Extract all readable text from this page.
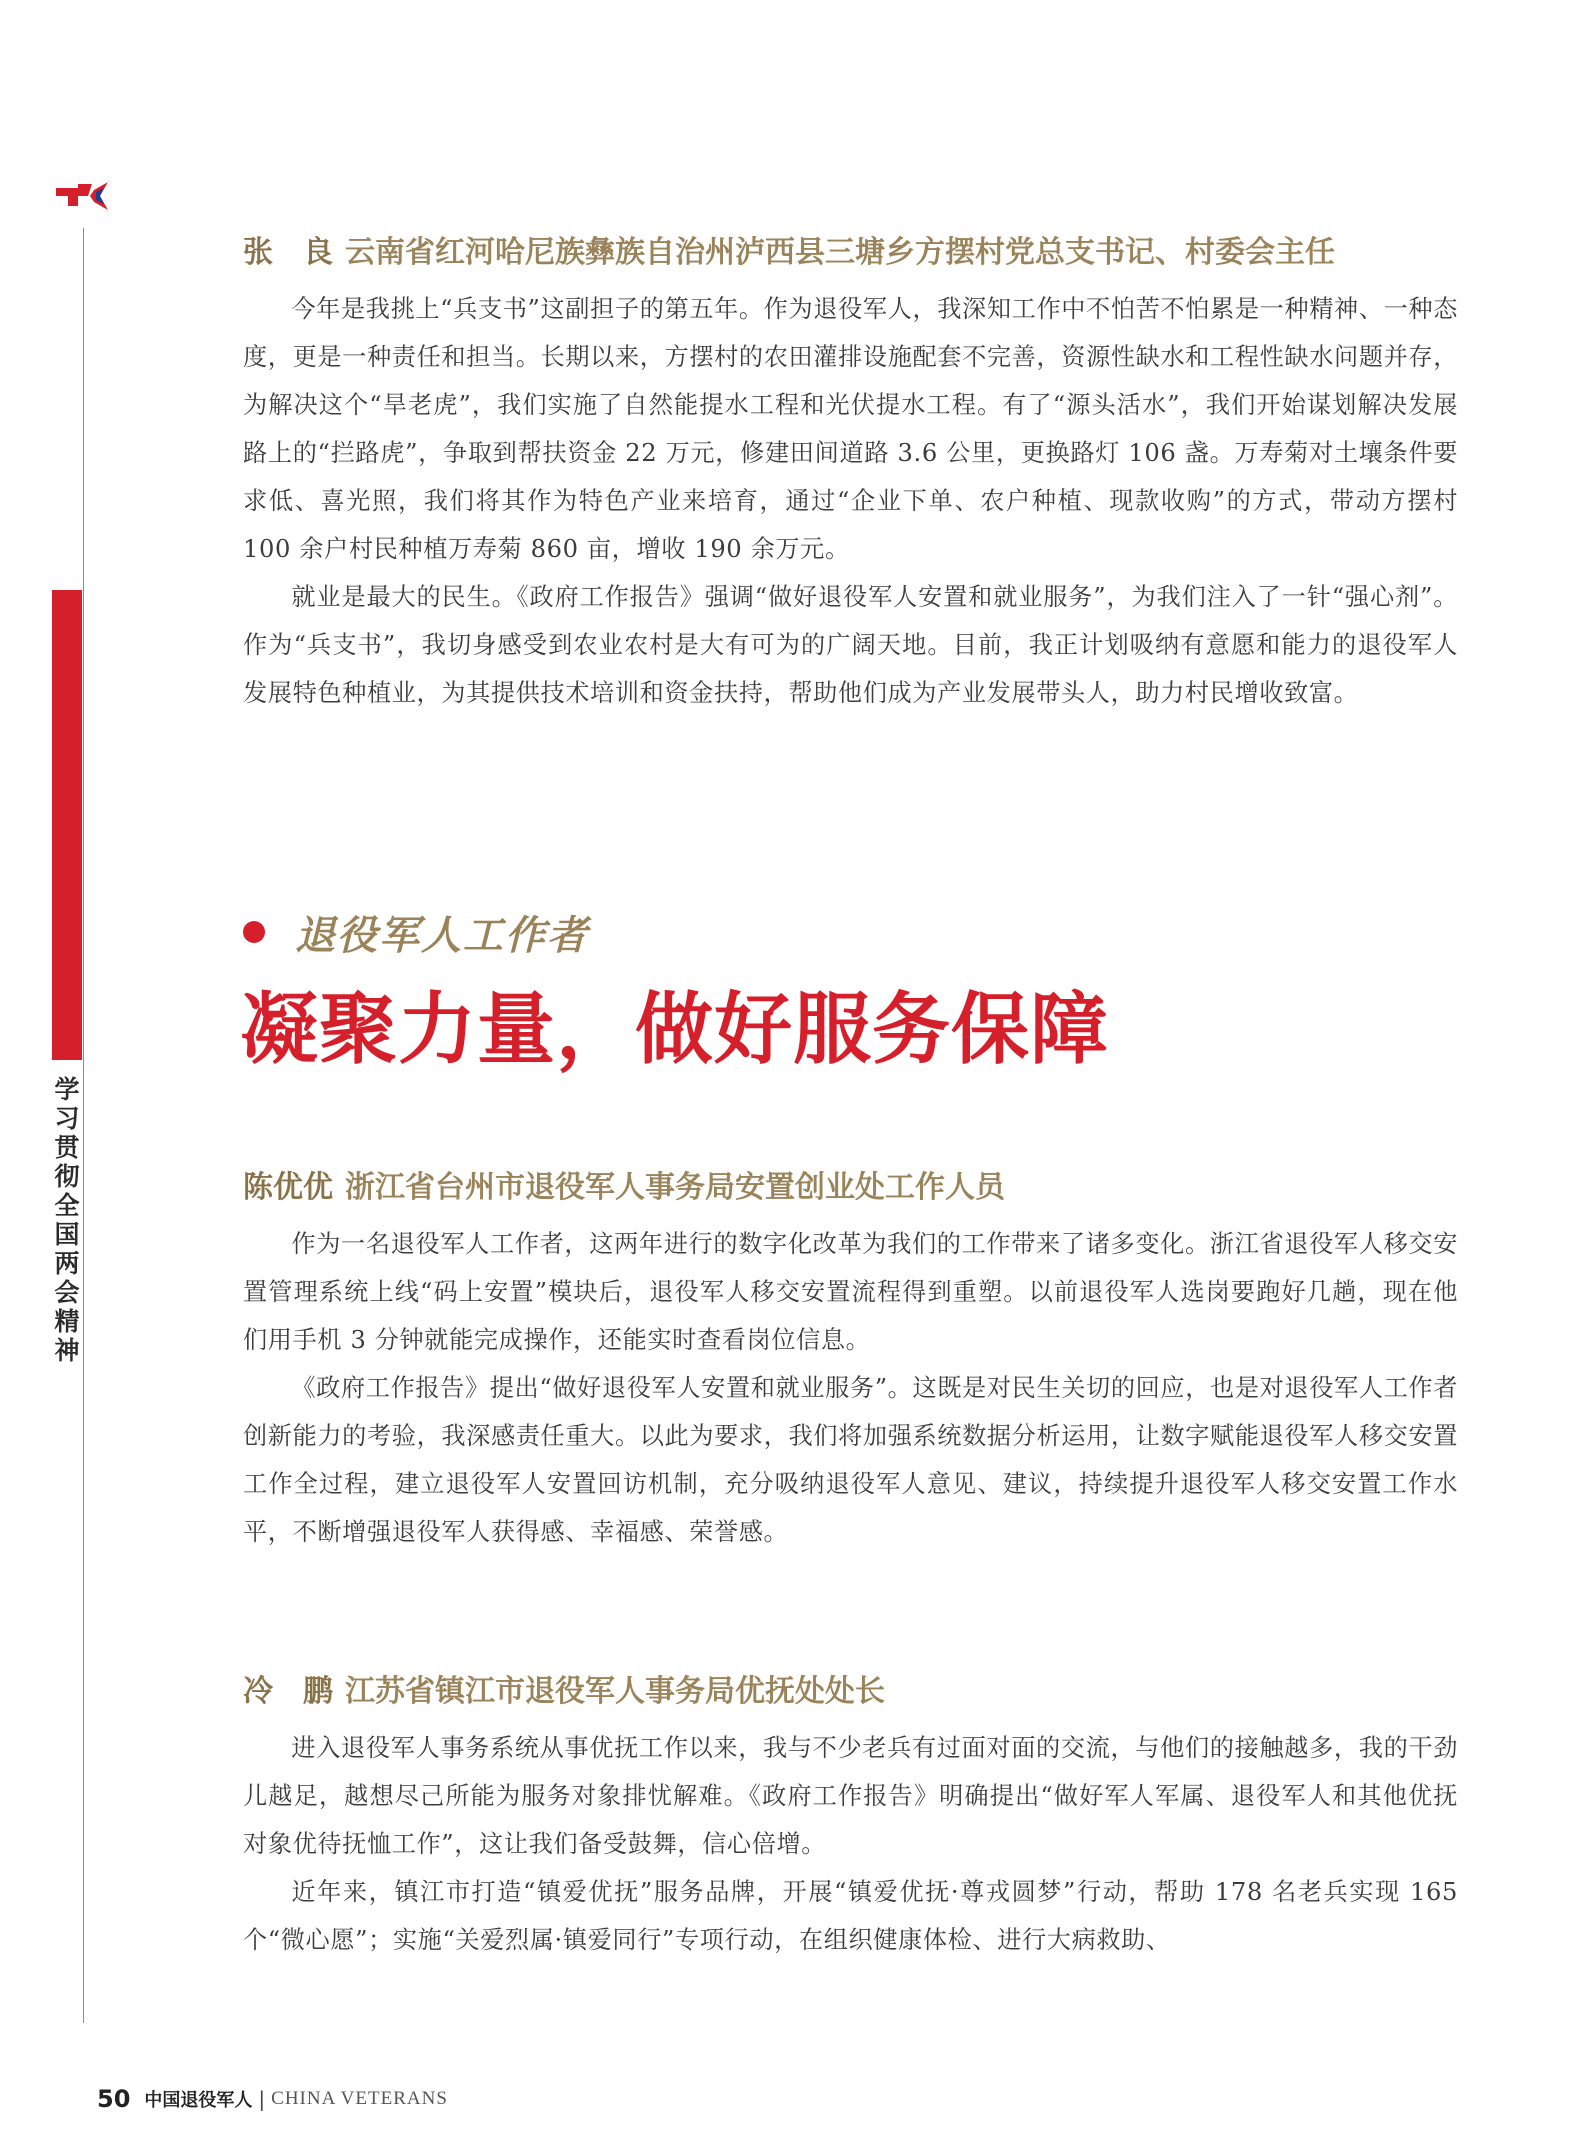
学习贯彻全国两会精神
张　良 云南省红河哈尼族彝族自治州泸西县三塘乡方摆村党总支书记、村委会主任

今年是我挑上“兵支书”这副担子的第五年。作为退役军人，我深知工作中不怕苦不怕累是一种精神、一种态度，更是一种责任和担当。长期以来，方摆村的农田灌排设施配套不完善，资源性缺水和工程性缺水问题并存，为解决这个“旱老虎”，我们实施了自然能提水工程和光伏提水工程。有了“源头活水”，我们开始谋划解决发展路上的“拦路虎”，争取到帮扶资金 22 万元，修建田间道路 3.6 公里，更换路灯 106 盏。万寿菊对土壤条件要求低、喜光照，我们将其作为特色产业来培育，通过“企业下单、农户种植、现款收购”的方式，带动方摆村 100 余户村民种植万寿菊 860 亩，增收 190 余万元。

就业是最大的民生。《政府工作报告》强调“做好退役军人安置和就业服务”，为我们注入了一针“强心剂”。作为“兵支书”，我切身感受到农业农村是大有可为的广阔天地。目前，我正计划吸纳有意愿和能力的退役军人发展特色种植业，为其提供技术培训和资金扶持，帮助他们成为产业发展带头人，助力村民增收致富。

退役军人工作者
凝聚力量，做好服务保障
陈优优 浙江省台州市退役军人事务局安置创业处工作人员

作为一名退役军人工作者，这两年进行的数字化改革为我们的工作带来了诸多变化。浙江省退役军人移交安置管理系统上线“码上安置”模块后，退役军人移交安置流程得到重塑。以前退役军人选岗要跑好几趟，现在他们用手机 3 分钟就能完成操作，还能实时查看岗位信息。

《政府工作报告》提出“做好退役军人安置和就业服务”。这既是对民生关切的回应，也是对退役军人工作者创新能力的考验，我深感责任重大。以此为要求，我们将加强系统数据分析运用，让数字赋能退役军人移交安置工作全过程，建立退役军人安置回访机制，充分吸纳退役军人意见、建议，持续提升退役军人移交安置工作水平，不断增强退役军人获得感、幸福感、荣誉感。

冷　鹏 江苏省镇江市退役军人事务局优抚处处长

进入退役军人事务系统从事优抚工作以来，我与不少老兵有过面对面的交流，与他们的接触越多，我的干劲儿越足，越想尽己所能为服务对象排忧解难。《政府工作报告》明确提出“做好军人军属、退役军人和其他优抚对象优待抚恤工作”，这让我们备受鼓舞，信心倍增。

近年来，镇江市打造“镇爱优抚”服务品牌，开展“镇爱优抚·尊戎圆梦”行动，帮助 178 名老兵实现 165 个“微心愿”；实施“关爱烈属·镇爱同行”专项行动，在组织健康体检、进行大病救助、

50 中国退役军人 | CHINA VETERANS
